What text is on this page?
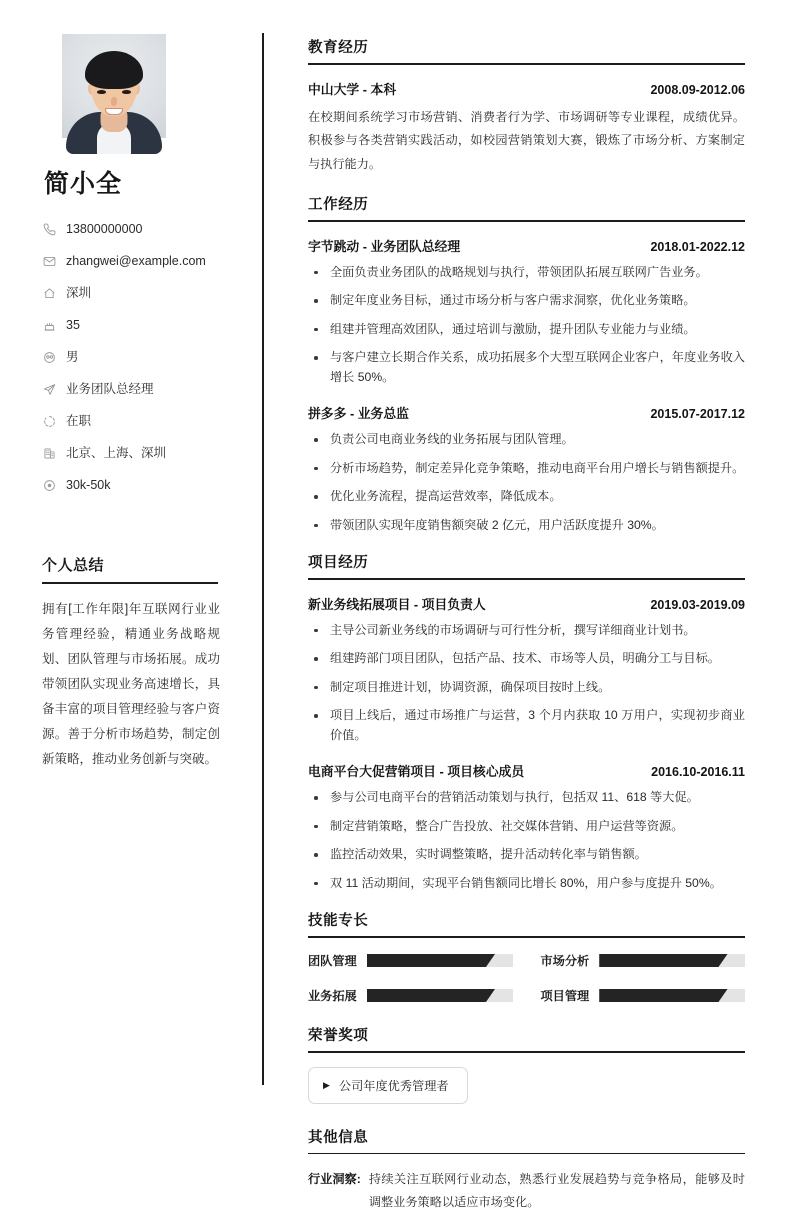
简小全
13800000000
zhangwei@example.com
深圳
35
男
业务团队总经理
在职
北京、上海、深圳
30k-50k
个人总结

拥有[工作年限]年互联网行业业务管理经验，精通业务战略规划、团队管理与市场拓展。成功带领团队实现业务高速增长，具备丰富的项目管理经验与客户资源。善于分析市场趋势，制定创新策略，推动业务创新与突破。

教育经历
中山大学 - 本科	2008.09-2012.06

在校期间系统学习市场营销、消费者行为学、市场调研等专业课程，成绩优异。积极参与各类营销实践活动，如校园营销策划大赛，锻炼了市场分析、方案制定与执行能力。

工作经历
字节跳动 - 业务团队总经理	2018.01-2022.12
全面负责业务团队的战略规划与执行，带领团队拓展互联网广告业务。
制定年度业务目标，通过市场分析与客户需求洞察，优化业务策略。
组建并管理高效团队，通过培训与激励，提升团队专业能力与业绩。
与客户建立长期合作关系，成功拓展多个大型互联网企业客户，年度业务收入增长 50%。
拼多多 - 业务总监	2015.07-2017.12
负责公司电商业务线的业务拓展与团队管理。
分析市场趋势，制定差异化竞争策略，推动电商平台用户增长与销售额提升。
优化业务流程，提高运营效率，降低成本。
带领团队实现年度销售额突破 2 亿元，用户活跃度提升 30%。
项目经历
新业务线拓展项目 - 项目负责人	2019.03-2019.09
主导公司新业务线的市场调研与可行性分析，撰写详细商业计划书。
组建跨部门项目团队，包括产品、技术、市场等人员，明确分工与目标。
制定项目推进计划，协调资源，确保项目按时上线。
项目上线后，通过市场推广与运营，3 个月内获取 10 万用户，实现初步商业价值。
电商平台大促营销项目 - 项目核心成员	2016.10-2016.11
参与公司电商平台的营销活动策划与执行，包括双 11、618 等大促。
制定营销策略，整合广告投放、社交媒体营销、用户运营等资源。
监控活动效果，实时调整策略，提升活动转化率与销售额。
双 11 活动期间，实现平台销售额同比增长 80%，用户参与度提升 50%。
技能专长
团队管理	市场分析
业务拓展	项目管理
荣誉奖项
▶ 公司年度优秀管理者
其他信息
行业洞察: 持续关注互联网行业动态，熟悉行业发展趋势与竞争格局，能够及时调整业务策略以适应市场变化。
